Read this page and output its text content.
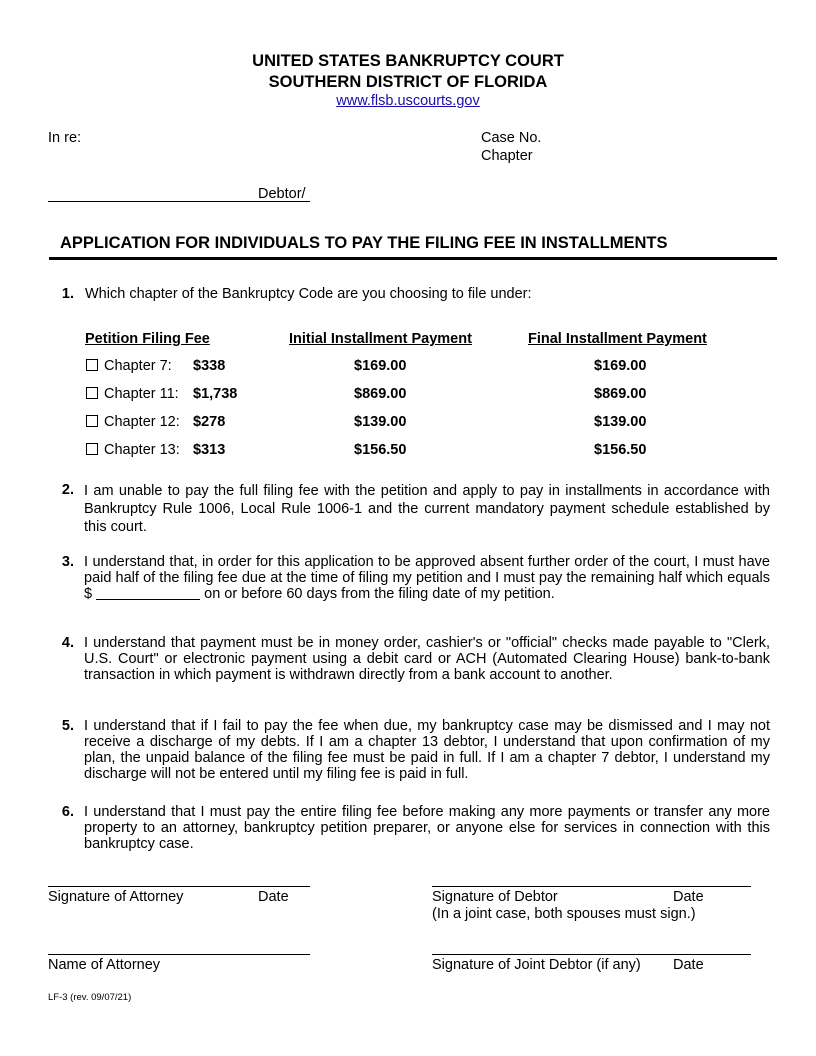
UNITED STATES BANKRUPTCY COURT
SOUTHERN DISTRICT OF FLORIDA
www.flsb.uscourts.gov
In re:	Case No.
Chapter
Debtor/
APPLICATION FOR INDIVIDUALS TO PAY THE FILING FEE IN INSTALLMENTS
1. Which chapter of the Bankruptcy Code are you choosing to file under:
Petition Filing Fee	Initial Installment Payment	Final Installment Payment
Chapter 7: $338	$169.00	$169.00
Chapter 11: $1,738	$869.00	$869.00
Chapter 12: $278	$139.00	$139.00
Chapter 13: $313	$156.50	$156.50
2. I am unable to pay the full filing fee with the petition and apply to pay in installments in accordance with Bankruptcy Rule 1006, Local Rule 1006-1 and the current mandatory payment schedule established by this court.
3. I understand that, in order for this application to be approved absent further order of the court, I must have paid half of the filing fee due at the time of filing my petition and I must pay the remaining half which equals $	on or before 60 days from the filing date of my petition.
4. I understand that payment must be in money order, cashier's or "official" checks made payable to "Clerk, U.S. Court" or electronic payment using a debit card or ACH (Automated Clearing House) bank-to-bank transaction in which payment is withdrawn directly from a bank account to another.
5. I understand that if I fail to pay the fee when due, my bankruptcy case may be dismissed and I may not receive a discharge of my debts. If I am a chapter 13 debtor, I understand that upon confirmation of my plan, the unpaid balance of the filing fee must be paid in full. If I am a chapter 7 debtor, I understand my discharge will not be entered until my filing fee is paid in full.
6. I understand that I must pay the entire filing fee before making any more payments or transfer any more property to an attorney, bankruptcy petition preparer, or anyone else for services in connection with this bankruptcy case.
Signature of Attorney	Date	Signature of Debtor	Date
(In a joint case, both spouses must sign.)
Name of Attorney	Signature of Joint Debtor (if any) Date
LF-3 (rev. 09/07/21)
